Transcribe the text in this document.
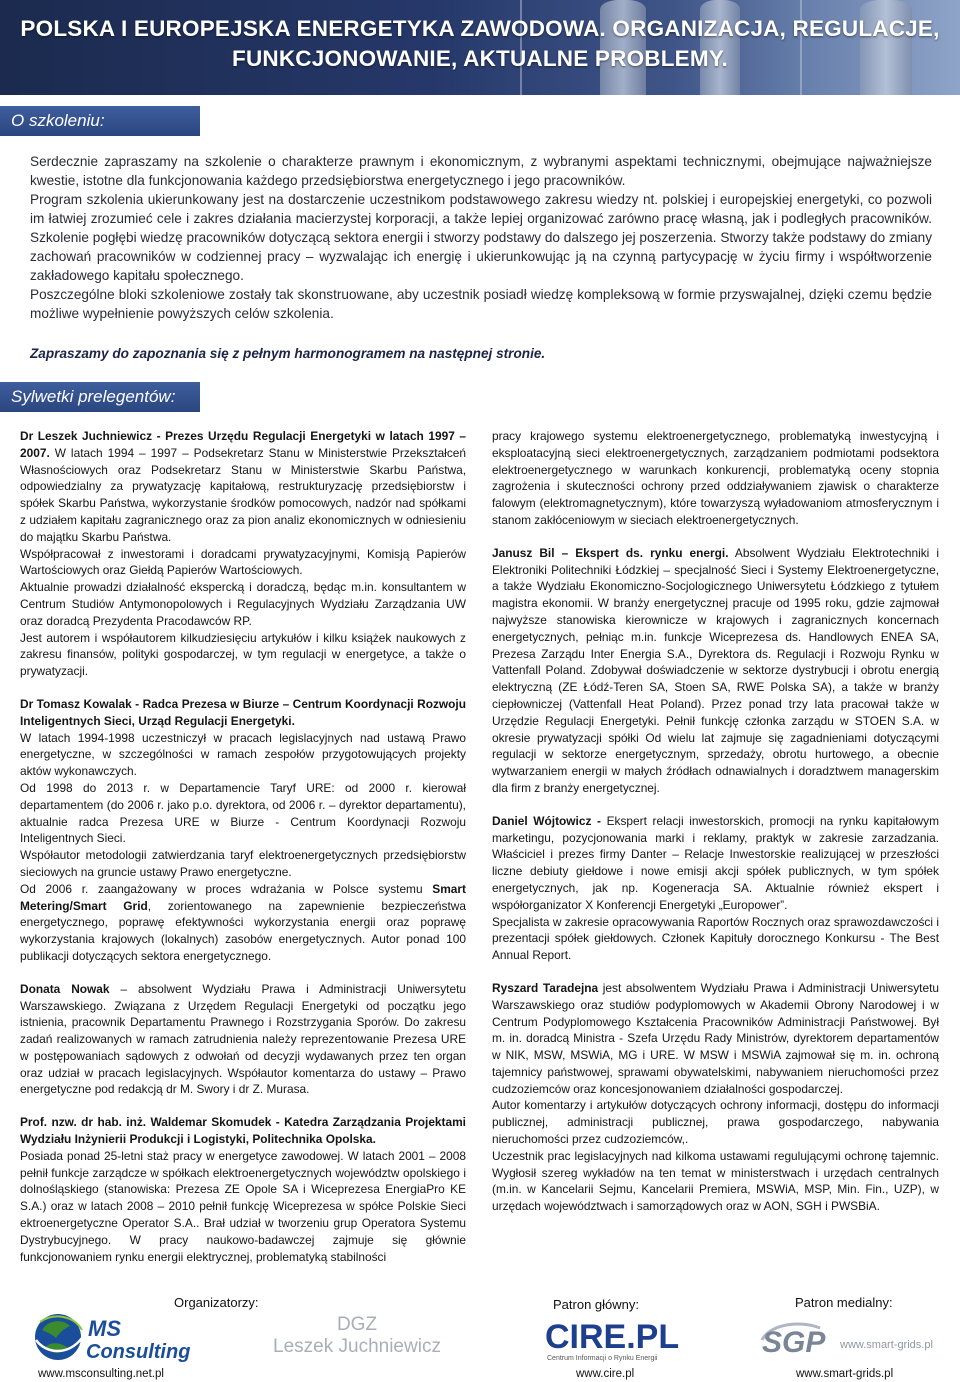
POLSKA I EUROPEJSKA ENERGETYKA ZAWODOWA. ORGANIZACJA, REGULACJE,
FUNKCJONOWANIE, AKTUALNE PROBLEMY.
O szkoleniu:

Serdecznie zapraszamy na szkolenie o charakterze prawnym i ekonomicznym, z wybranymi aspektami technicznymi, obejmujące najważniejsze kwestie, istotne dla funkcjonowania każdego przedsiębiorstwa energetycznego i jego pracowników.

Program szkolenia ukierunkowany jest na dostarczenie uczestnikom podstawowego zakresu wiedzy nt. polskiej i europejskiej energetyki, co pozwoli im łatwiej zrozumieć cele i zakres działania macierzystej korporacji, a także lepiej organizować zarówno pracę własną, jak i podległych pracowników. Szkolenie pogłębi wiedzę pracowników dotyczącą sektora energii i stworzy podstawy do dalszego jej poszerzenia. Stworzy także podstawy do zmiany zachowań pracowników w codziennej pracy – wyzwalając ich energię i ukierunkowując ją na czynną partycypację w życiu firmy i współtworzenie zakładowego kapitału społecznego.

Poszczególne bloki szkoleniowe zostały tak skonstruowane, aby uczestnik posiadł wiedzę kompleksową w formie przyswajalnej, dzięki czemu będzie możliwe wypełnienie powyższych celów szkolenia.

Zapraszamy do zapoznania się z pełnym harmonogramem na następnej stronie.
Sylwetki prelegentów:

Dr Leszek Juchniewicz - Prezes Urzędu Regulacji Energetyki w latach 1997 – 2007. W latach 1994 – 1997 – Podsekretarz Stanu w Ministerstwie Przekształceń Własnościowych oraz Podsekretarz Stanu w Ministerstwie Skarbu Państwa, odpowiedzialny za prywatyzację kapitałową, restrukturyzację przedsiębiorstw i spółek Skarbu Państwa, wykorzystanie środków pomocowych, nadzór nad spółkami z udziałem kapitału zagranicznego oraz za pion analiz ekonomicznych w odniesieniu do majątku Skarbu Państwa.

Współpracował z inwestorami i doradcami prywatyzacyjnymi, Komisją Papierów Wartościowych oraz Giełdą Papierów Wartościowych.

Aktualnie prowadzi działalność ekspercką i doradczą, będąc m.in. konsultantem w Centrum Studiów Antymonopolowych i Regulacyjnych Wydziału Zarządzania UW oraz doradcą Prezydenta Pracodawców RP.

Jest autorem i współautorem kilkudziesięciu artykułów i kilku książek naukowych z zakresu finansów, polityki gospodarczej, w tym regulacji w energetyce, a także o prywatyzacji.

Dr Tomasz Kowalak - Radca Prezesa w Biurze – Centrum Koordynacji Rozwoju Inteligentnych Sieci, Urząd Regulacji Energetyki.

W latach 1994-1998 uczestniczył w pracach legislacyjnych nad ustawą Prawo energetyczne, w szczególności w ramach zespołów przygotowujących projekty aktów wykonawczych.

Od 1998 do 2013 r. w Departamencie Taryf URE: od 2000 r. kierował departamentem (do 2006 r. jako p.o. dyrektora, od 2006 r. – dyrektor departamentu), aktualnie radca Prezesa URE w Biurze - Centrum Koordynacji Rozwoju Inteligentnych Sieci.

Współautor metodologii zatwierdzania taryf elektroenergetycznych przedsiębiorstw sieciowych na gruncie ustawy Prawo energetyczne.

Od 2006 r. zaangażowany w proces wdrażania w Polsce systemu Smart Metering/Smart Grid, zorientowanego na zapewnienie bezpieczeństwa energetycznego, poprawę efektywności wykorzystania energii oraz poprawę wykorzystania krajowych (lokalnych) zasobów energetycznych. Autor ponad 100 publikacji dotyczących sektora energetycznego.

Donata Nowak – absolwent Wydziału Prawa i Administracji Uniwersytetu Warszawskiego. Związana z Urzędem Regulacji Energetyki od początku jego istnienia, pracownik Departamentu Prawnego i Rozstrzygania Sporów. Do zakresu zadań realizowanych w ramach zatrudnienia należy reprezentowanie Prezesa URE w postępowaniach sądowych z odwołań od decyzji wydawanych przez ten organ oraz udział w pracach legislacyjnych. Współautor komentarza do ustawy – Prawo energetyczne pod redakcją dr M. Swory i dr Z. Murasa.

Prof. nzw. dr hab. inż. Waldemar Skomudek - Katedra Zarządzania Projektami Wydziału Inżynierii Produkcji i Logistyki, Politechnika Opolska.

Posiada ponad 25-letni staż pracy w energetyce zawodowej. W latach 2001 – 2008 pełnił funkcje zarządcze w spółkach elektroenergetycznych województw opolskiego i dolnośląskiego (stanowiska: Prezesa ZE Opole SA i Wiceprezesa EnergiaPro KE S.A.) oraz w latach 2008 – 2010 pełnił funkcję Wiceprezesa w spółce Polskie Sieci ektroenergetyczne Operator S.A.. Brał udział w tworzeniu grup Operatora Systemu Dystrybucyjnego. W pracy naukowo-badawczej zajmuje się głównie funkcjonowaniem rynku energii elektrycznej, problematyką stabilności

pracy krajowego systemu elektroenergetycznego, problematyką inwestycyjną i eksploatacyjną sieci elektroenergetycznych, zarządzaniem podmiotami podsektora elektroenergetycznego w warunkach konkurencji, problematyką oceny stopnia zagrożenia i skuteczności ochrony przed oddziaływaniem zjawisk o charakterze falowym (elektromagnetycznym), które towarzyszą wyładowaniom atmosferycznym i stanom zakłóceniowym w sieciach elektroenergetycznych.

Janusz Bil – Ekspert ds. rynku energi. Absolwent Wydziału Elektrotechniki i Elektroniki Politechniki Łódzkiej – specjalność Sieci i Systemy Elektroenergetyczne, a także Wydziału Ekonomiczno-Socjologicznego Uniwersytetu Łódzkiego z tytułem magistra ekonomii. W branży energetycznej pracuje od 1995 roku, gdzie zajmował najwyższe stanowiska kierownicze w krajowych i zagranicznych koncernach energetycznych, pełniąc m.in. funkcje Wiceprezesa ds. Handlowych ENEA SA, Prezesa Zarządu Inter Energia S.A., Dyrektora ds. Regulacji i Rozwoju Rynku w Vattenfall Poland. Zdobywał doświadczenie w sektorze dystrybucji i obrotu energią elektryczną (ZE Łódź-Teren SA, Stoen SA, RWE Polska SA), a także w branży ciepłowniczej (Vattenfall Heat Poland). Przez ponad trzy lata pracował także w Urzędzie Regulacji Energetyki. Pełnił funkcję członka zarządu w STOEN S.A. w okresie prywatyzacji spółki Od wielu lat zajmuje się zagadnieniami dotyczącymi regulacji w sektorze energetycznym, sprzedaży, obrotu hurtowego, a obecnie wytwarzaniem energii w małych źródłach odnawialnych i doradztwem managerskim dla firm z branży energetycznej.

Daniel Wójtowicz - Ekspert relacji inwestorskich, promocji na rynku kapitałowym marketingu, pozycjonowania marki i reklamy, praktyk w zakresie zarzadzania. Właściciel i prezes firmy Danter – Relacje Inwestorskie realizującej w przeszłości liczne debiuty giełdowe i nowe emisji akcji spółek publicznych, w tym spółek energetycznych, jak np. Kogeneracja SA. Aktualnie również ekspert i współorganizator X Konferencji Energetyki „Europower”.

Specjalista w zakresie opracowywania Raportów Rocznych oraz sprawozdawczości i prezentacji spółek giełdowych. Członek Kapituły dorocznego Konkursu - The Best Annual Report.

Ryszard Taradejna jest absolwentem Wydziału Prawa i Administracji Uniwersytetu Warszawskiego oraz studiów podyplomowych w Akademii Obrony Narodowej i w Centrum Podyplomowego Kształcenia Pracowników Administracji Państwowej. Był m. in. doradcą Ministra - Szefa Urzędu Rady Ministrów, dyrektorem departamentów w NIK, MSW, MSWiA, MG i URE. W MSW i MSWiA zajmował się m. in. ochroną tajemnicy państwowej, sprawami obywatelskimi, nabywaniem nieruchomości przez cudzoziemców oraz koncesjonowaniem działalności gospodarczej.

Autor komentarzy i artykułów dotyczących ochrony informacji, dostępu do informacji publicznej, administracji publicznej, prawa gospodarczego, nabywania nieruchomości przez cudzoziemców,.

Uczestnik prac legislacyjnych nad kilkoma ustawami regulującymi ochronę tajemnic. Wygłosił szereg wykładów na ten temat w ministerstwach i urzędach centralnych (m.in. w Kancelarii Sejmu, Kancelarii Premiera, MSWiA, MSP, Min. Fin., UZP), w urzędach województwach i samorządowych oraz w AON, SGH i PWSBiA.

Organizatorzy:	Patron główny:	Patron medialny:
MS
Consulting
DGZ
Leszek Juchniewicz	CIRE.PL
Centrum Informacji o Rynku Energii	SGP www.smart-grids.pl
www.msconsulting.net.pl	www.cire.pl	www.smart-grids.pl
